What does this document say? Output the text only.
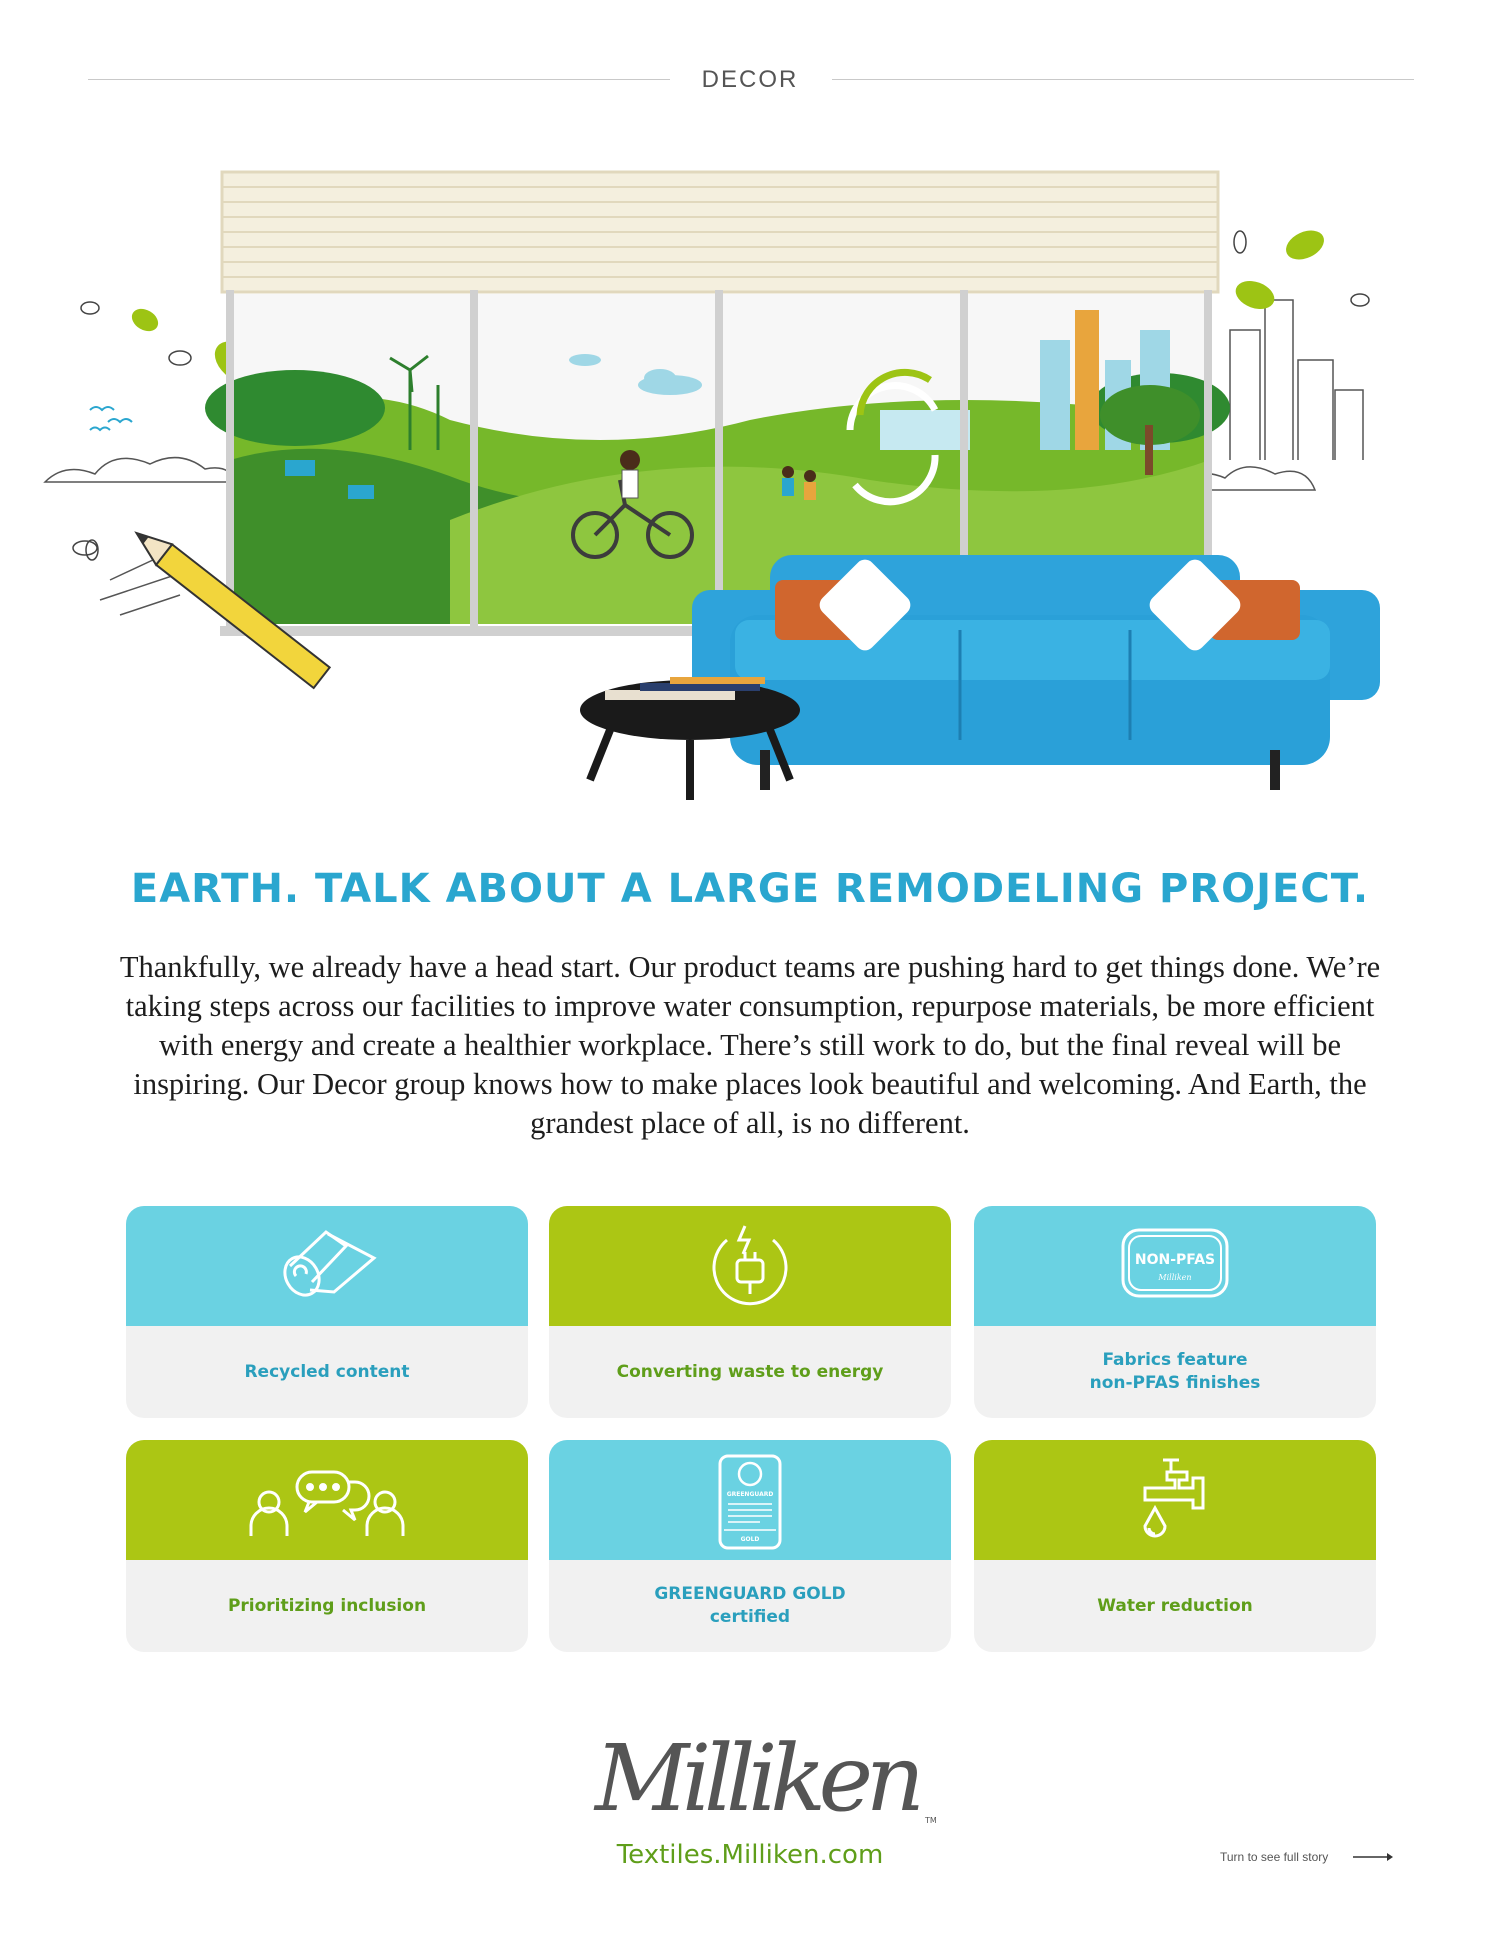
DECOR
EARTH. TALK ABOUT A LARGE REMODELING PROJECT.
Thankfully, we already have a head start. Our product teams are pushing hard to get things done. We’re taking steps across our facilities to improve water consumption, repurpose materials, be more efficient with energy and create a healthier workplace. There’s still work to do, but the final reveal will be inspiring. Our Decor group knows how to make places look beautiful and welcoming. And Earth, the grandest place of all, is no different.
Recycled content	Converting waste to energy
NON-PFAS
Milliken
Fabrics feature
non-PFAS finishes
Prioritizing inclusion
GREENGUARD
GOLD
GREENGUARD GOLD
certified
Water reduction
Milliken TM
Textiles.Milliken.com	Turn to see full story
